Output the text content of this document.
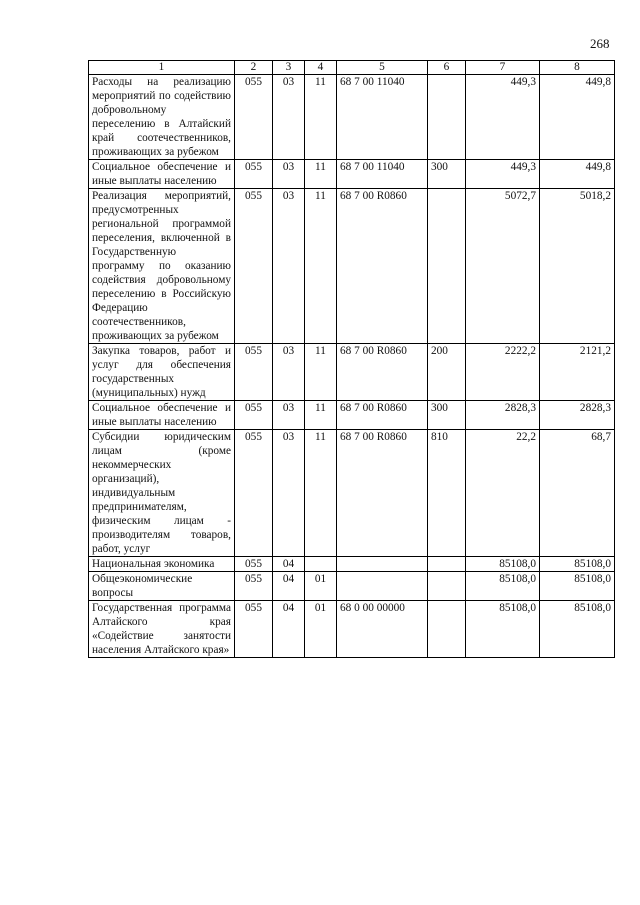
268
1	2	3	4	5	6	7	8
Расходы на реализацию мероприятий по содействию добровольному переселению в Алтайский край соотечественников, проживающих за рубежом	055	03	11	68 7 00 11040		449,3	449,8
Социальное обеспечение и иные выплаты населению	055	03	11	68 7 00 11040	300	449,3	449,8
Реализация мероприятий, предусмотренных региональной программой переселения, включенной в Государственную программу по оказанию содействия добровольному переселению в Российскую Федерацию соотечественников, проживающих за рубежом	055	03	11	68 7 00 R0860		5072,7	5018,2
Закупка товаров, работ и услуг для обеспечения государственных (муниципальных) нужд	055	03	11	68 7 00 R0860	200	2222,2	2121,2
Социальное обеспечение и иные выплаты населению	055	03	11	68 7 00 R0860	300	2828,3	2828,3
Субсидии юридическим лицам (кроме некоммерческих организаций), индивидуальным предпринимателям, физическим лицам - производителям товаров, работ, услуг	055	03	11	68 7 00 R0860	810	22,2	68,7
Национальная экономика	055	04				85108,0	85108,0
Общеэкономические вопросы	055	04	01			85108,0	85108,0
Государственная программа Алтайского края «Содействие занятости населения Алтайского края»	055	04	01	68 0 00 00000		85108,0	85108,0
